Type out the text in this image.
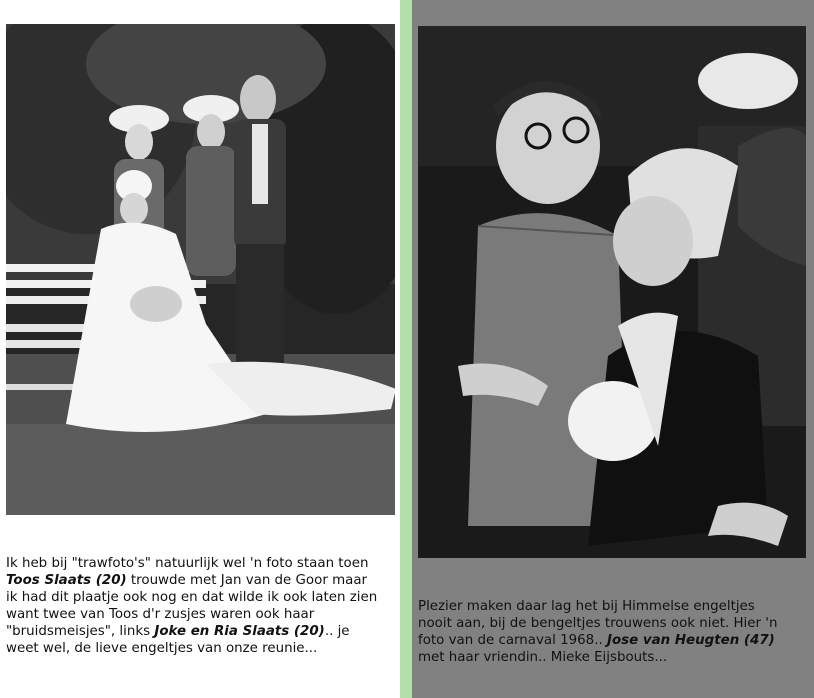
Ik heb bij "trawfoto's" natuurlijk wel 'n foto staan toen
Toos Slaats (20) trouwde met Jan van de Goor maar
ik had dit plaatje ook nog en dat wilde ik ook laten zien
want twee van Toos d'r zusjes waren ook haar
"bruidsmeisjes", links Joke en Ria Slaats (20).. je
weet wel, de lieve engeltjes van onze reunie...
Plezier maken daar lag het bij Himmelse engeltjes
nooit aan, bij de bengeltjes trouwens ook niet. Hier 'n
foto van de carnaval 1968.. Jose van Heugten (47)
met haar vriendin.. Mieke Eijsbouts...
